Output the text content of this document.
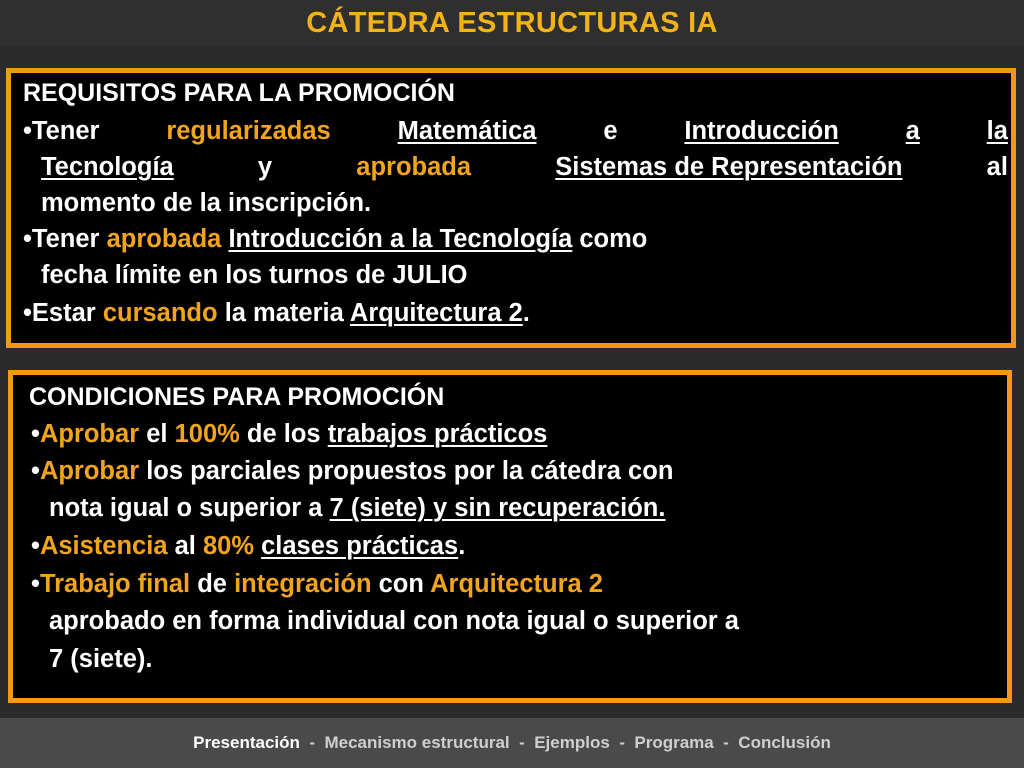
CÁTEDRA ESTRUCTURAS IA
REQUISITOS PARA LA PROMOCIÓN
•Tener	regularizadas	Matemática	e	Introducción	a	la
Tecnología	y	aprobada	Sistemas de Representación	al
momento de la inscripción.
•Tener aprobada Introducción a la Tecnología como
fecha límite en los turnos de JULIO
•Estar cursando la materia Arquitectura 2.
CONDICIONES PARA PROMOCIÓN
•Aprobar el 100% de los trabajos prácticos
•Aprobar los parciales propuestos por la cátedra con
nota igual o superior a 7 (siete) y sin recuperación.
•Asistencia al 80% clases prácticas.
•Trabajo final de integración con Arquitectura 2
aprobado en forma individual con nota igual o superior a
7 (siete).
Presentación - Mecanismo estructural - Ejemplos - Programa - Conclusión
